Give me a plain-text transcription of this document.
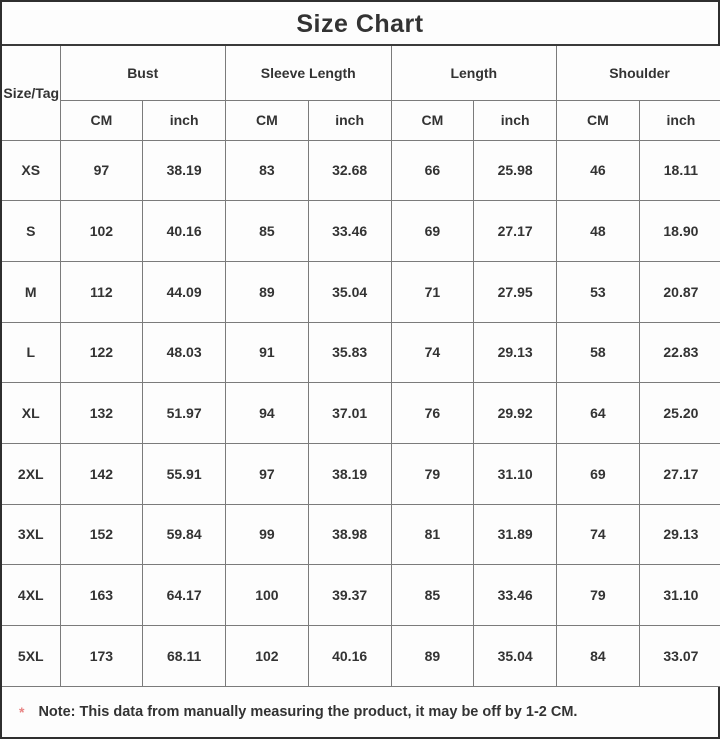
Size Chart
Size/Tag	Bust		Sleeve Length		Length		Shoulder	
	CM	inch	CM	inch	CM	inch	CM	inch
XS	97	38.19	83	32.68	66	25.98	46	18.11
S	102	40.16	85	33.46	69	27.17	48	18.90
M	112	44.09	89	35.04	71	27.95	53	20.87
L	122	48.03	91	35.83	74	29.13	58	22.83
XL	132	51.97	94	37.01	76	29.92	64	25.20
2XL	142	55.91	97	38.19	79	31.10	69	27.17
3XL	152	59.84	99	38.98	81	31.89	74	29.13
4XL	163	64.17	100	39.37	85	33.46	79	31.10
5XL	173	68.11	102	40.16	89	35.04	84	33.07
* Note: This data from manually measuring the product, it may be off by 1-2 CM.
